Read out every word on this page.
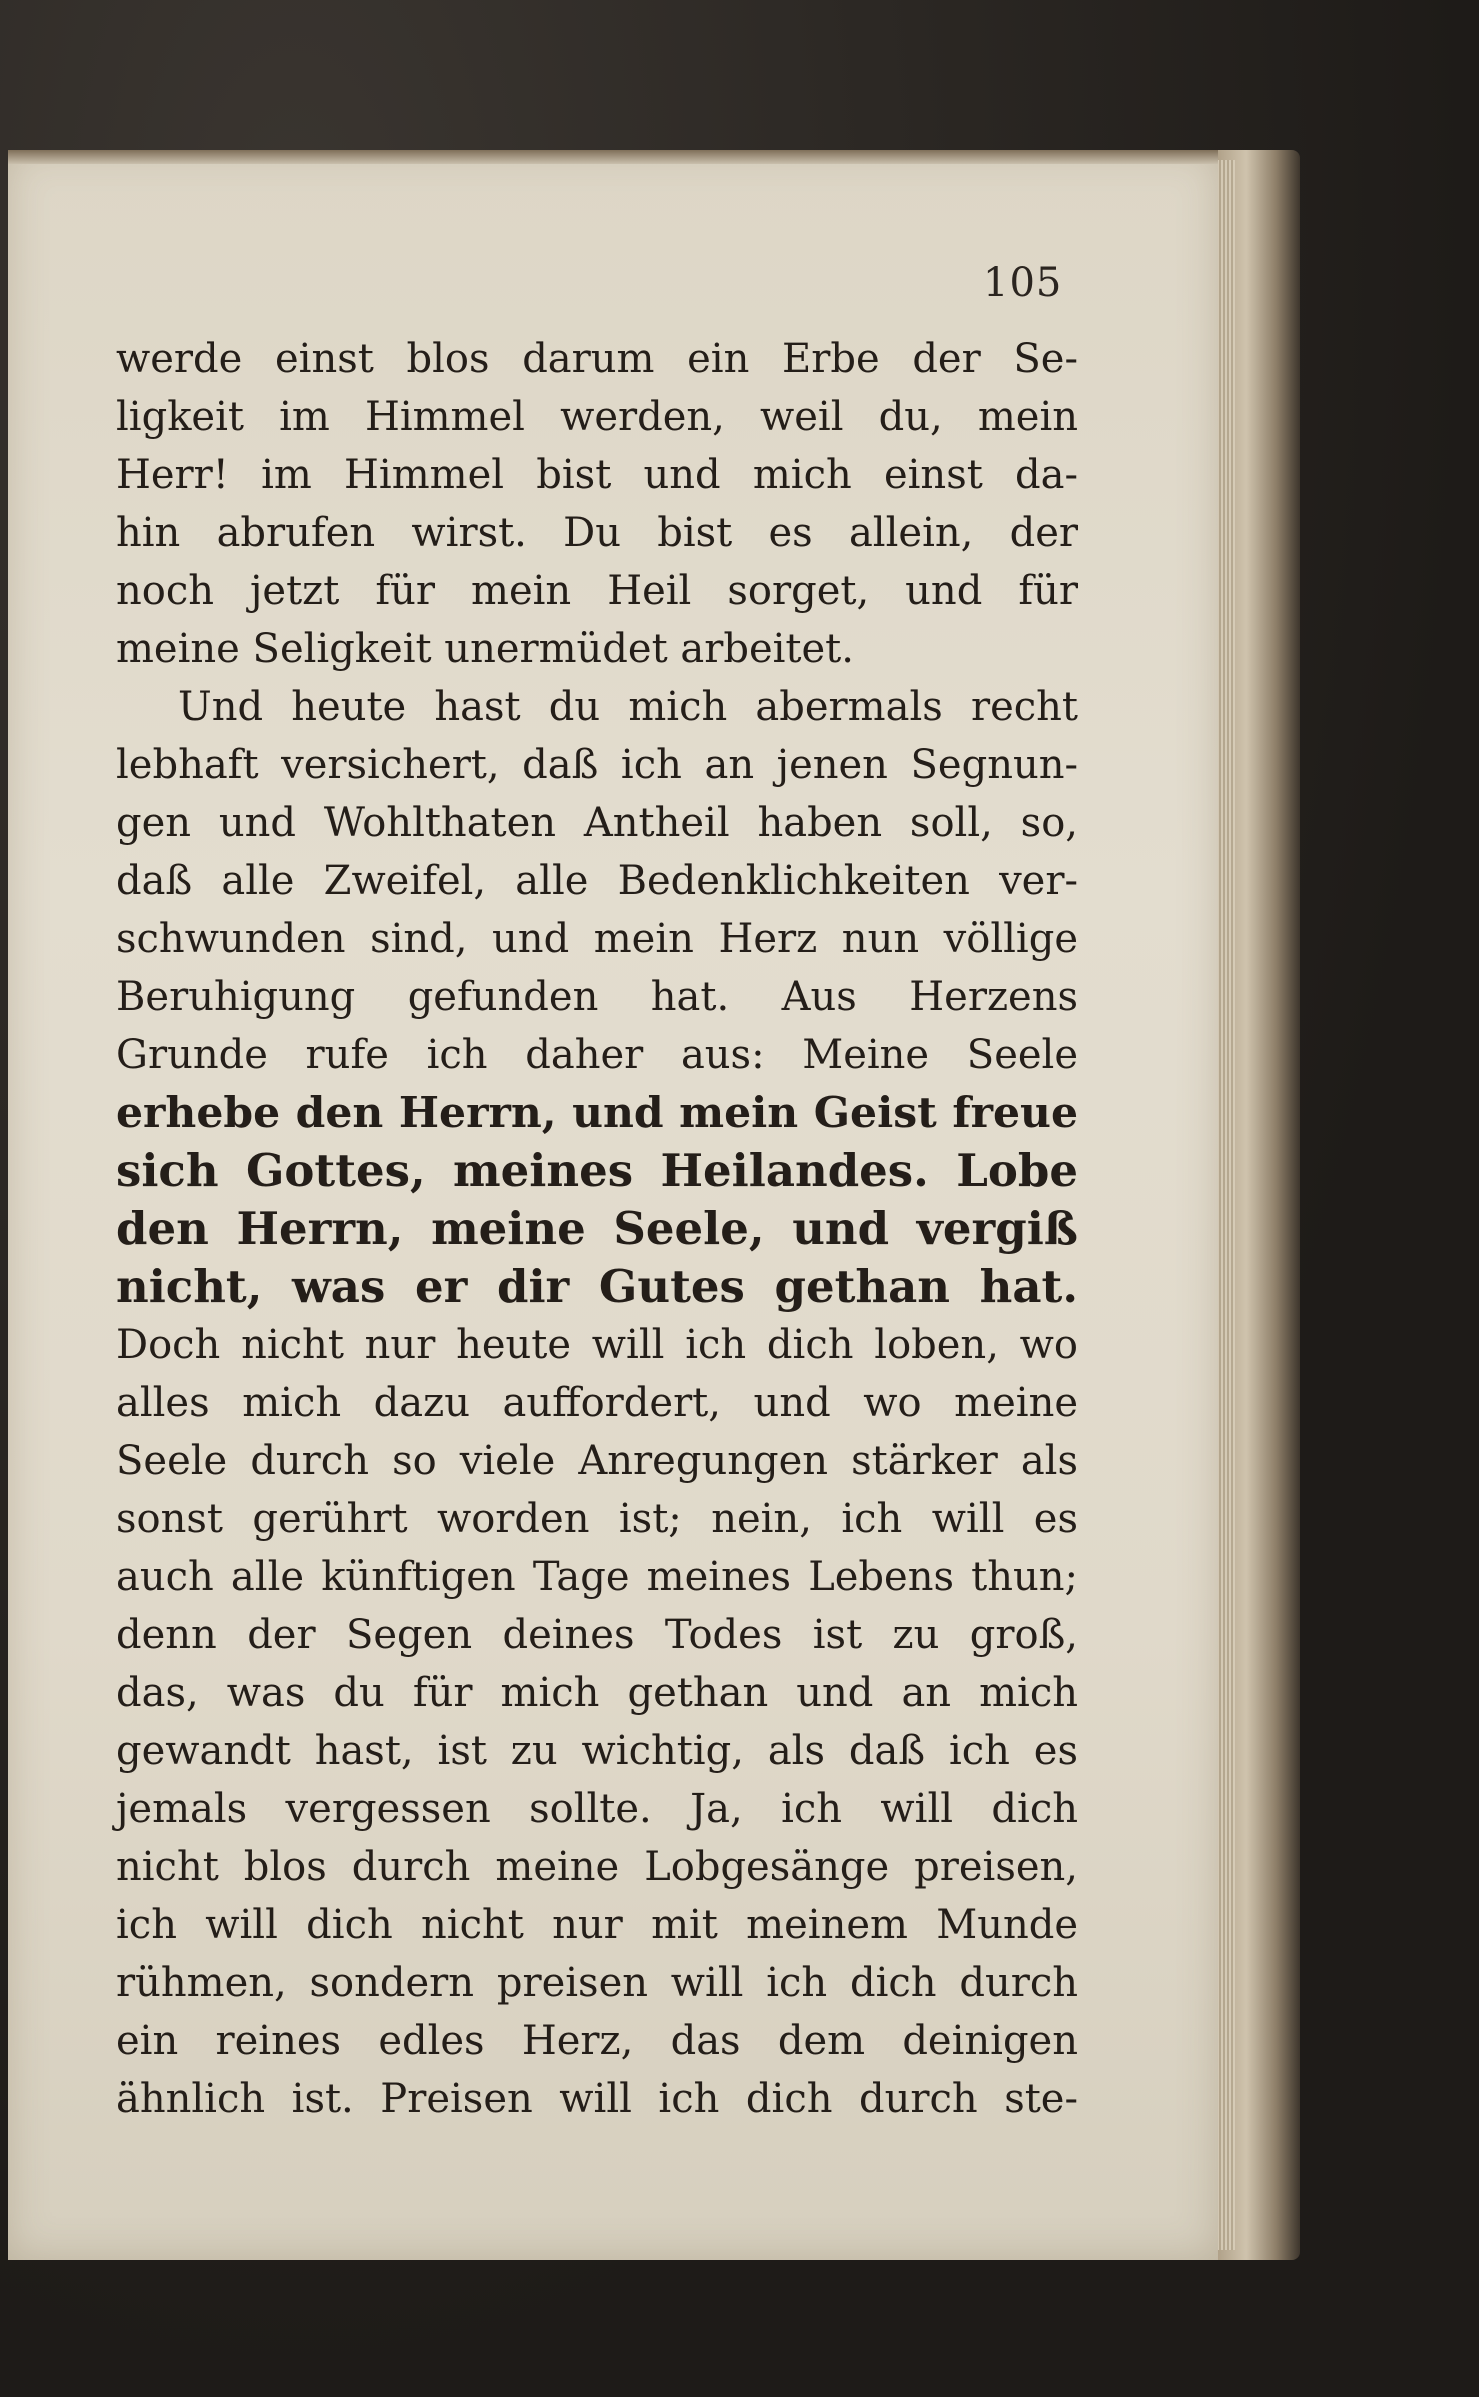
105
werde einst blos darum ein Erbe der Se-
ligkeit im Himmel werden, weil du, mein
Herr! im Himmel bist und mich einst da-
hin abrufen wirst. Du bist es allein, der
noch jetzt für mein Heil sorget, und für
meine Seligkeit unermüdet arbeitet.
Und heute hast du mich abermals recht
lebhaft versichert, daß ich an jenen Segnun-
gen und Wohlthaten Antheil haben soll, so,
daß alle Zweifel, alle Bedenklichkeiten ver-
schwunden sind, und mein Herz nun völlige
Beruhigung gefunden hat. Aus Herzens
Grunde rufe ich daher aus: Meine Seele
erhebe den Herrn, und mein Geist freue
sich Gottes, meines Heilandes. Lobe
den Herrn, meine Seele, und vergiß
nicht, was er dir Gutes gethan hat.
Doch nicht nur heute will ich dich loben, wo
alles mich dazu auffordert, und wo meine
Seele durch so viele Anregungen stärker als
sonst gerührt worden ist; nein, ich will es
auch alle künftigen Tage meines Lebens thun;
denn der Segen deines Todes ist zu groß,
das, was du für mich gethan und an mich
gewandt hast, ist zu wichtig, als daß ich es
jemals vergessen sollte. Ja, ich will dich
nicht blos durch meine Lobgesänge preisen,
ich will dich nicht nur mit meinem Munde
rühmen, sondern preisen will ich dich durch
ein reines edles Herz, das dem deinigen
ähnlich ist. Preisen will ich dich durch ste-
